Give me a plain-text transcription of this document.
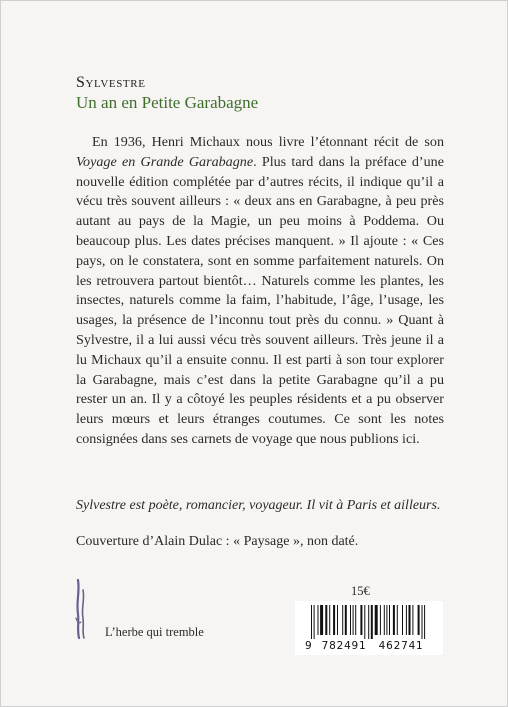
Sylvestre
Un an en Petite Garabagne

En 1936, Henri Michaux nous livre l’étonnant récit de son Voyage en Grande Garabagne. Plus tard dans la préface d’une nouvelle édition complétée par d’autres récits, il indique qu’il a vécu très souvent ailleurs : « deux ans en Garabagne, à peu près autant au pays de la Magie, un peu moins à Poddema. Ou beaucoup plus. Les dates précises manquent. » Il ajoute : « Ces pays, on le constatera, sont en somme parfaitement naturels. On les retrouvera partout bientôt… Naturels comme les plantes, les insectes, naturels comme la faim, l’habitude, l’âge, l’usage, les usages, la présence de l’inconnu tout près du connu. » Quant à Sylvestre, il a lui aussi vécu très souvent ailleurs. Très jeune il a lu Michaux qu’il a ensuite connu. Il est parti à son tour explorer la Garabagne, mais c’est dans la petite Garabagne qu’il a pu rester un an. Il y a côtoyé les peuples résidents et a pu observer leurs mœurs et leurs étranges coutumes. Ce sont les notes consignées dans ses carnets de voyage que nous publions ici.

Sylvestre est poète, romancier, voyageur. Il vit à Paris et ailleurs.

Couverture d’Alain Dulac : « Paysage », non daté.

L’herbe qui tremble
15€
9 782491 462741
